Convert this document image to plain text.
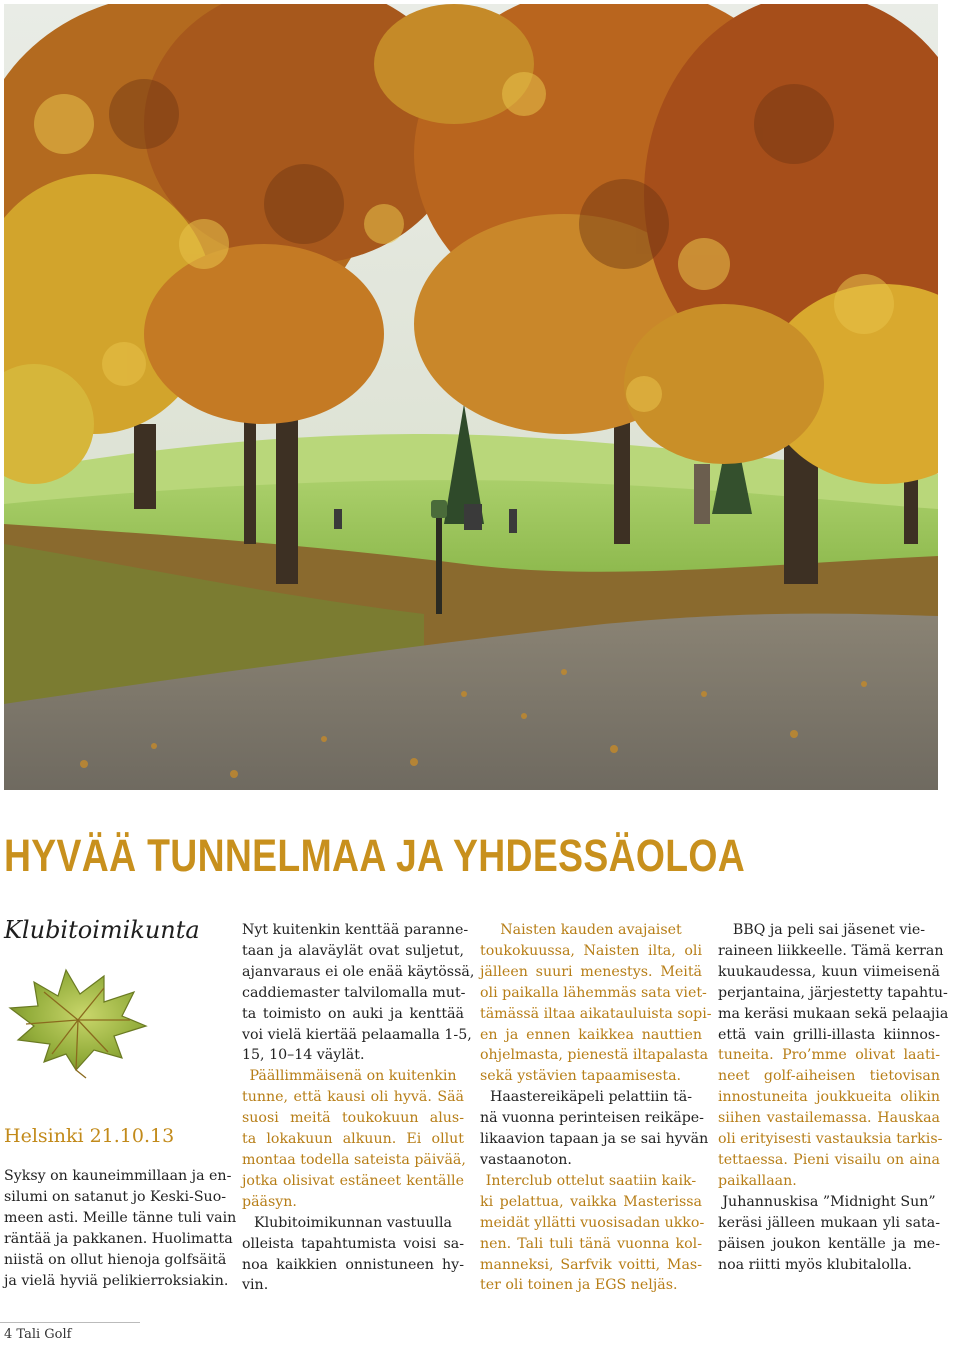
HYVÄÄ TUNNELMAA JA YHDESSÄOLOA
Klubitoimikunta
Helsinki 21.10.13
Syksy on kauneimmillaan ja en-
silumi on satanut jo Keski-Suo-
meen asti. Meille tänne tuli vain
räntää ja pakkanen. Huolimatta
niistä on ollut hienoja golfsäitä
ja vielä hyviä pelikierroksiakin.
Nyt kuitenkin kenttää paranne-
taan ja alaväylät ovat suljetut,
ajanvaraus ei ole enää käytössä,
caddiemaster talvilomalla mut-
ta toimisto on auki ja kenttää
voi vielä kiertää pelaamalla 1-5,
15, 10–14 väylät.
Päällimmäisenä on kuitenkin
tunne, että kausi oli hyvä. Sää
suosi meitä toukokuun alus-
ta lokakuun alkuun. Ei ollut
montaa todella sateista päivää,
jotka olisivat estäneet kentälle
pääsyn.
Klubitoimikunnan vastuulla
olleista tapahtumista voisi sa-
noa kaikkien onnistuneen hy-
vin.
Naisten kauden avajaiset
toukokuussa, Naisten ilta, oli
jälleen suuri menestys. Meitä
oli paikalla lähemmäs sata viet-
tämässä iltaa aikatauluista sopi-
en ja ennen kaikkea nauttien
ohjelmasta, pienestä iltapalasta
sekä ystävien tapaamisesta.
Haastereikäpeli pelattiin tä-
nä vuonna perinteisen reikäpe-
likaavion tapaan ja se sai hyvän
vastaanoton.
Interclub ottelut saatiin kaik-
ki pelattua, vaikka Masterissa
meidät yllätti vuosisadan ukko-
nen. Tali tuli tänä vuonna kol-
manneksi, Sarfvik voitti, Mas-
ter oli toinen ja EGS neljäs.
BBQ ja peli sai jäsenet vie-
raineen liikkeelle. Tämä kerran
kuukaudessa, kuun viimeisenä
perjantaina, järjestetty tapahtu-
ma keräsi mukaan sekä pelaajia
että vain grilli-illasta kiinnos-
tuneita. Pro’mme olivat laati-
neet golf-aiheisen tietovisan
innostuneita joukkueita olikin
siihen vastailemassa. Hauskaa
oli erityisesti vastauksia tarkis-
tettaessa. Pieni visailu on aina
paikallaan.
Juhannuskisa ”Midnight Sun”
keräsi jälleen mukaan yli sata-
päisen joukon kentälle ja me-
noa riitti myös klubitalolla.
4 Tali Golf
